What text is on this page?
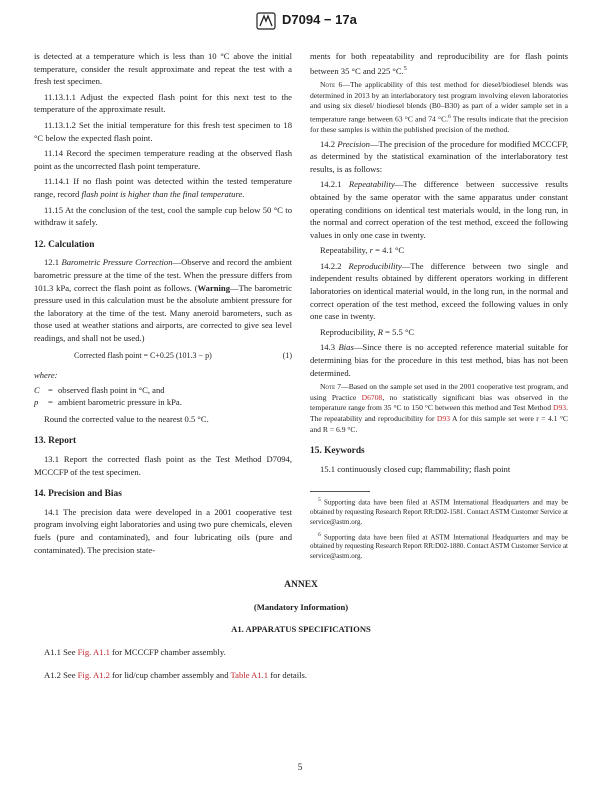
D7094 − 17a

is detected at a temperature which is less than 10 °C above the initial temperature, consider the result approximate and repeat the test with a fresh test specimen.

11.13.1.1 Adjust the expected flash point for this next test to the temperature of the approximate result.

11.13.1.2 Set the initial temperature for this fresh test specimen to 18 °C below the expected flash point.

11.14 Record the specimen temperature reading at the observed flash point as the uncorrected flash point temperature.

11.14.1 If no flash point was detected within the tested temperature range, record flash point is higher than the final temperature.

11.15 At the conclusion of the test, cool the sample cup below 50 °C to withdraw it safely.

12. Calculation

12.1 Barometric Pressure Correction—Observe and record the ambient barometric pressure at the time of the test. When the pressure differs from 101.3 kPa, correct the flash point as follows. (Warning—The barometric pressure used in this calculation must be the absolute ambient pressure for the laboratory at the time of the test. Many aneroid barometers, such as those used at weather stations and airports, are corrected to give sea level readings, and shall not be used.)

Corrected flash point = C+0.25 (101.3 − p)	(1)
where:
C = observed flash point in °C, and
p	= ambient barometric pressure in kPa.

Round the corrected value to the nearest 0.5 °C.

13. Report

13.1 Report the corrected flash point as the Test Method D7094, MCCCFP of the test specimen.

14. Precision and Bias

14.1 The precision data were developed in a 2001 cooperative test program involving eight laboratories and using two pure chemicals, eleven fuels (pure and contaminated), and four lubricating oils (pure and contaminated). The precision state-

ments for both repeatability and reproducibility are for flash points between 35 °C and 225 °C.$^5$

Note 6—The applicability of this test method for diesel/biodiesel blends was determined in 2013 by an interlaboratory test program involving eleven laboratories and using six diesel/ biodiesel blends (B0–B30) as part of a wider sample set in a temperature range between 63 °C and 74 °C.$^6$ The results indicate that the precision for these samples is within the published precision of the method.

14.2 Precision—The precision of the procedure for modified MCCCFP, as determined by the statistical examination of the interlaboratory test results, is as follows:

14.2.1 Repeatability—The difference between successive results obtained by the same operator with the same apparatus under constant operating conditions on identical test materials would, in the long run, in the normal and correct operation of the test method, exceed the following values in only one case in twenty.

Repeatability, r = 4.1 °C

14.2.2 Reproducibility—The difference between two single and independent results obtained by different operators working in different laboratories on identical material would, in the long run, in the normal and correct operation of the test method, exceed the following values in only one case in twenty.

Reproducibility, R = 5.5 °C

14.3 Bias—Since there is no accepted reference material suitable for determining bias for the procedure in this test method, bias has not been determined.

Note 7—Based on the sample set used in the 2001 cooperative test program, and using Practice D6708, no statistically significant bias was observed in the temperature range from 35 °C to 150 °C between this method and Test Method D93. The repeatability and reproducibility for D93 A for this sample set were r = 4.1 °C and R = 6.9 °C.

15. Keywords

15.1 continuously closed cup; flammability; flash point

$^5$ Supporting data have been filed at ASTM International Headquarters and may be obtained by requesting Research Report RR:D02-1581. Contact ASTM Customer Service at service@astm.org.

$^6$ Supporting data have been filed at ASTM International Headquarters and may be obtained by requesting Research Report RR:D02-1880. Contact ASTM Customer Service at service@astm.org.

ANNEX
(Mandatory Information)
A1. APPARATUS SPECIFICATIONS

A1.1 See Fig. A1.1 for MCCCFP chamber assembly.

A1.2 See Fig. A1.2 for lid/cup chamber assembly and Table A1.1 for details.

5
